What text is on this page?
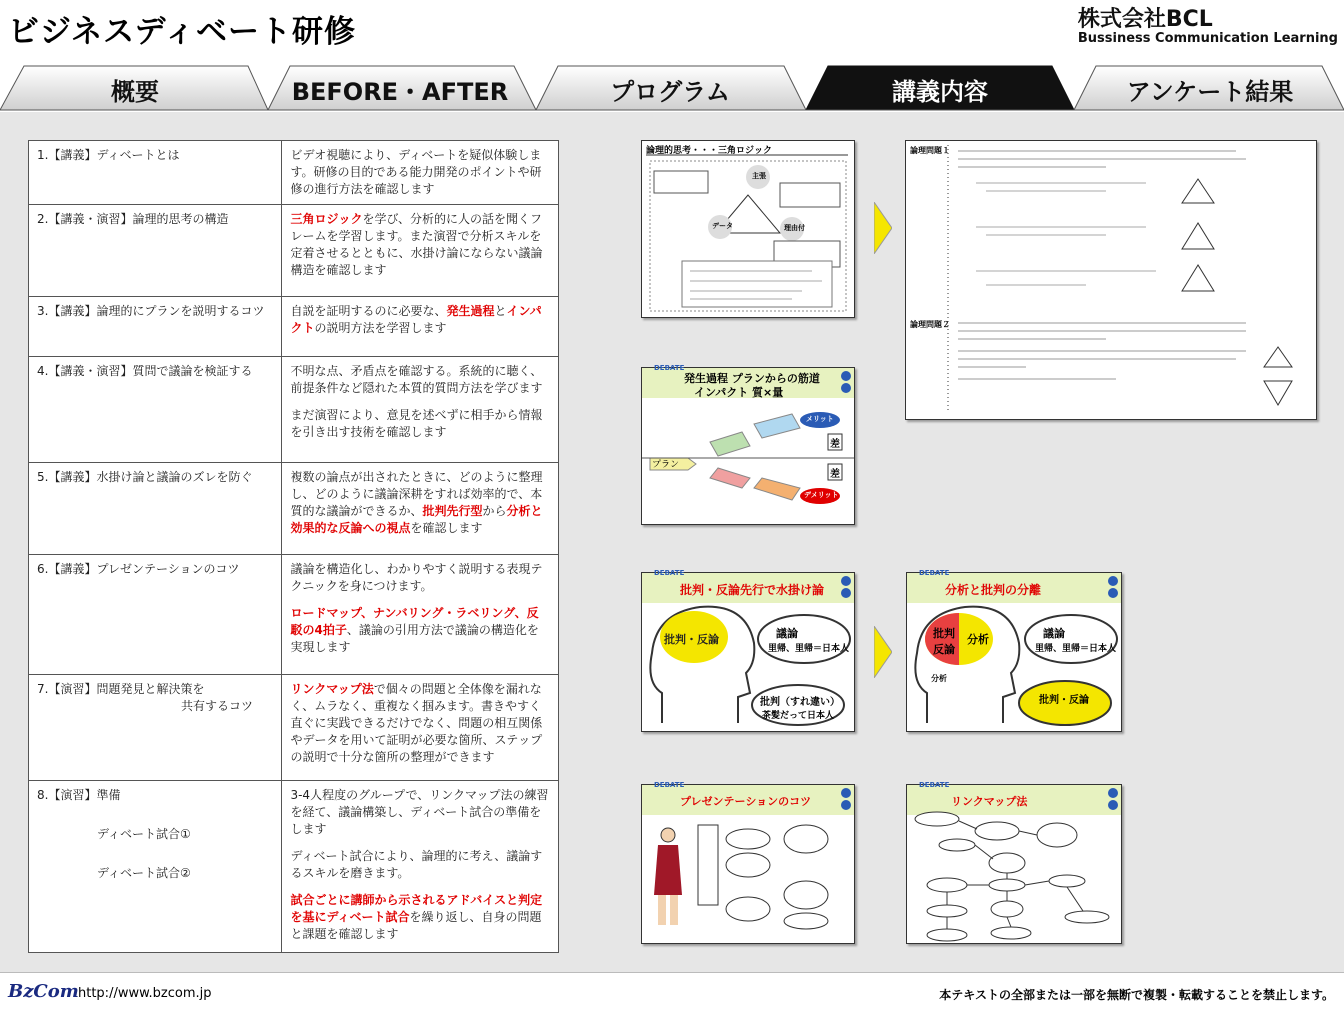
ビジネスディベート研修	株式会社BCL
Bussiness Communication Learning
概要	BEFORE・AFTER	プログラム	講義内容	アンケート結果
1.【講義】ディベートとは	ビデオ視聴により、ディベートを疑似体験します。研修の目的である能力開発のポイントや研修の進行方法を確認します

2.【講義・演習】論理的思考の構造	三角ロジックを学び、分析的に人の話を聞くフレームを学習します。また演習で分析スキルを定着させるとともに、水掛け論にならない議論構造を確認します

3.【講義】論理的にプランを説明するコツ	自説を証明するのに必要な、発生過程とインパクトの説明方法を学習します

4.【講義・演習】質問で議論を検証する	不明な点、矛盾点を確認する。系統的に聴く、前提条件など隠れた本質的質問方法を学びます
まだ演習により、意見を述べずに相手から情報を引き出す技術を確認します

5.【講義】水掛け論と議論のズレを防ぐ	複数の論点が出されたときに、どのように整理し、どのように議論深耕をすれば効率的で、本質的な議論ができるか、批判先行型から分析と効果的な反論への視点を確認します

6.【講義】プレゼンテーションのコツ	議論を構造化し、わかりやすく説明する表現テクニックを身につけます。
ロードマップ、ナンバリング・ラベリング、反駁の4拍子、議論の引用方法で議論の構造化を実現します

7.【演習】問題発見と解決策を
共有するコツ	リンクマップ法で個々の問題と全体像を漏れなく、ムラなく、重複なく掴みます。書きやすく直ぐに実践できるだけでなく、問題の相互関係やデータを用いて証明が必要な箇所、ステップの説明で十分な箇所の整理ができます

8.【演習】準備
ディベート試合①
ディベート試合②	3-4人程度のグループで、リンクマップ法の練習を経て、議論構築し、ディベート試合の準備をします
ディベート試合により、論理的に考え、議論するスキルを磨きます。
試合ごとに講師から示されるアドバイスと判定を基にディベート試合を繰り返し、自身の問題と課題を確認します
論理的思考・・・三角ロジック
主張
データ	理由付
論理問題１
論理問題２
DEBATE
発生過程 プランからの筋道
インパクト 質×量
プラン
メリット
デメリット
差
差
DEBATE
批判・反論先行で水掛け論
批判・反論	議論
里帰、里帰＝日本人
批判（すれ違い）
茶髪だって日本人
DEBATE
分析と批判の分離
批判
反論
分析
分析
議論
里帰、里帰＝日本人
批判・反論
DEBATE
プレゼンテーションのコツ
DEBATE
リンクマップ法
BzCom http://www.bzcom.jp	本テキストの全部または一部を無断で複製・転載することを禁止します。
